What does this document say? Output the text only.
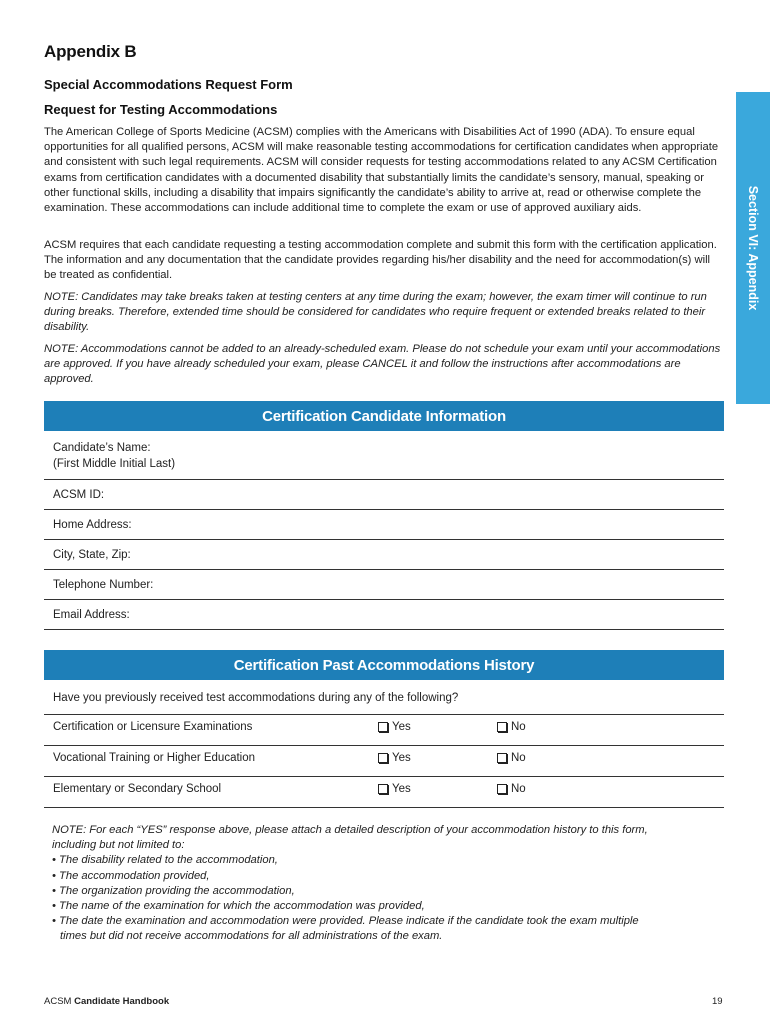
Section VI: Appendix
Appendix B
Special Accommodations Request Form
Request for Testing Accommodations
The American College of Sports Medicine (ACSM) complies with the Americans with Disabilities Act of 1990 (ADA). To ensure equal opportunities for all qualified persons, ACSM will make reasonable testing accommodations for certification candidates when appropriate and consistent with such legal requirements. ACSM will consider requests for testing accommodations related to any ACSM Certification exams from certification candidates with a documented disability that substantially limits the candidate’s sensory, manual, speaking or other functional skills, including a disability that impairs significantly the candidate’s ability to arrive at, read or otherwise complete the examination. These accommodations can include additional time to complete the exam or use of approved auxiliary aids.
ACSM requires that each candidate requesting a testing accommodation complete and submit this form with the certification application. The information and any documentation that the candidate provides regarding his/her disability and the need for accommodation(s) will be treated as confidential.
NOTE: Candidates may take breaks taken at testing centers at any time during the exam; however, the exam timer will continue to run during breaks. Therefore, extended time should be considered for candidates who require frequent or extended breaks related to their disability.
NOTE: Accommodations cannot be added to an already-scheduled exam. Please do not schedule your exam until your accommodations are approved. If you have already scheduled your exam, please CANCEL it and follow the instructions after accommodations are approved.
Certification Candidate Information
Candidate’s Name:
(First Middle Initial Last)
ACSM ID:
Home Address:
City, State, Zip:
Telephone Number:
Email Address:
Certification Past Accommodations History
Have you previously received test accommodations during any of the following?
Certification or Licensure Examinations	Yes	No
Vocational Training or Higher Education	Yes	No
Elementary or Secondary School	Yes	No
NOTE: For each “YES” response above, please attach a detailed description of your accommodation history to this form,
including but not limited to:
• The disability related to the accommodation,
• The accommodation provided,
• The organization providing the accommodation,
• The name of the examination for which the accommodation was provided,
• The date the examination and accommodation were provided. Please indicate if the candidate took the exam multiple
times but did not receive accommodations for all administrations of the exam.
ACSM Candidate Handbook	19
